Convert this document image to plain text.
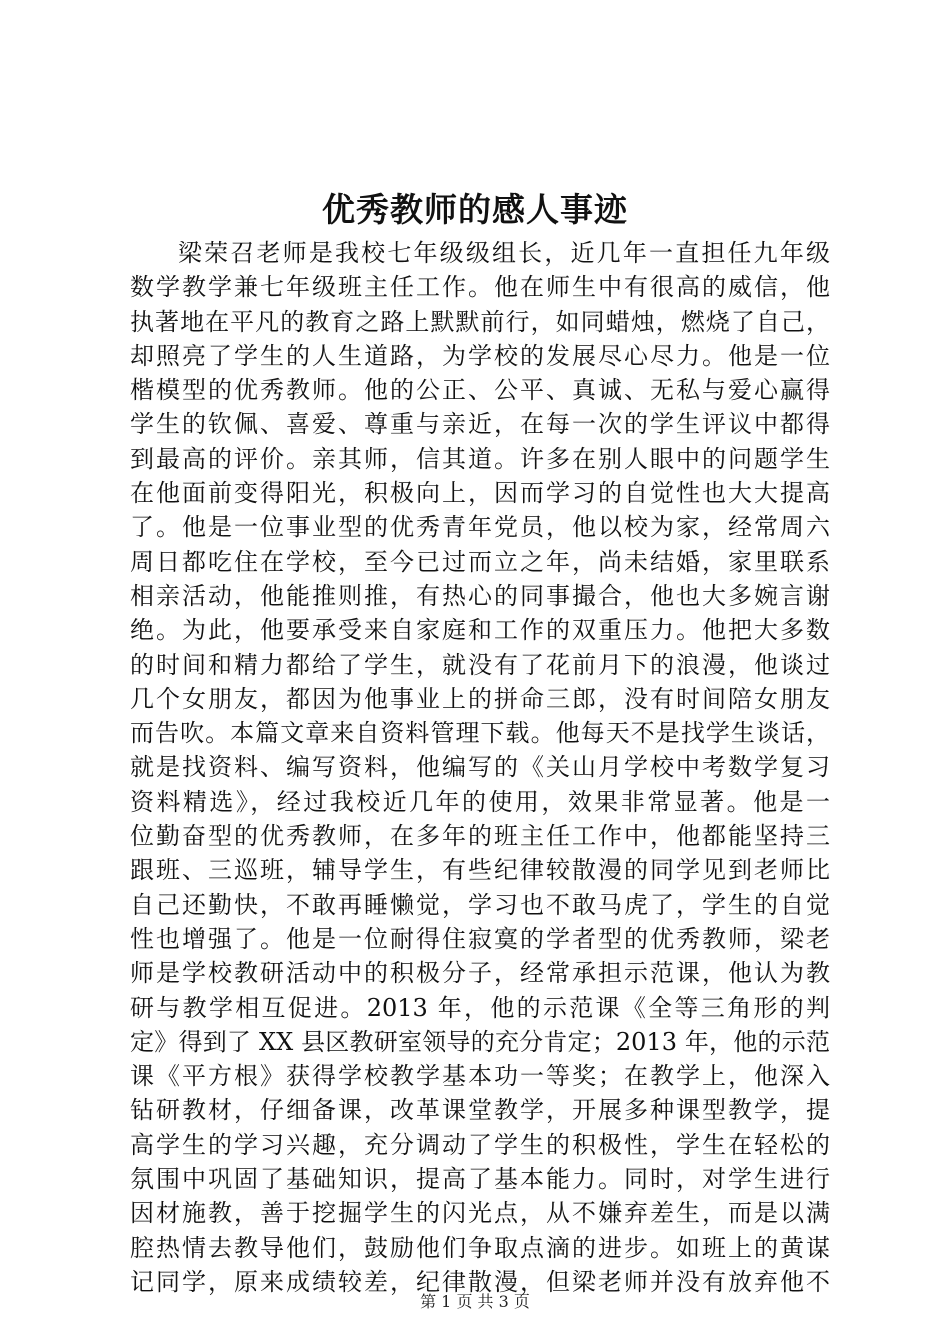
优秀教师的感人事迹
梁荣召老师是我校七年级级组长，近几年一直担任九年级
数学教学兼七年级班主任工作。他在师生中有很高的威信，他
执著地在平凡的教育之路上默默前行，如同蜡烛，燃烧了自己，
却照亮了学生的人生道路，为学校的发展尽心尽力。他是一位
楷模型的优秀教师。他的公正、公平、真诚、无私与爱心赢得
学生的钦佩、喜爱、尊重与亲近，在每一次的学生评议中都得
到最高的评价。亲其师，信其道。许多在别人眼中的问题学生
在他面前变得阳光，积极向上，因而学习的自觉性也大大提高
了。他是一位事业型的优秀青年党员，他以校为家，经常周六
周日都吃住在学校，至今已过而立之年，尚未结婚，家里联系
相亲活动，他能推则推，有热心的同事撮合，他也大多婉言谢
绝。为此，他要承受来自家庭和工作的双重压力。他把大多数
的时间和精力都给了学生，就没有了花前月下的浪漫，他谈过
几个女朋友，都因为他事业上的拼命三郎，没有时间陪女朋友
而告吹。本篇文章来自资料管理下载。他每天不是找学生谈话，
就是找资料、编写资料，他编写的《关山月学校中考数学复习
资料精选》，经过我校近几年的使用，效果非常显著。他是一
位勤奋型的优秀教师，在多年的班主任工作中，他都能坚持三
跟班、三巡班，辅导学生，有些纪律较散漫的同学见到老师比
自己还勤快，不敢再睡懒觉，学习也不敢马虎了，学生的自觉
性也增强了。他是一位耐得住寂寞的学者型的优秀教师，梁老
师是学校教研活动中的积极分子，经常承担示范课，他认为教
研与教学相互促进。2013 年，他的示范课《全等三角形的判
定》得到了 XX 县区教研室领导的充分肯定；2013 年，他的示范
课《平方根》获得学校教学基本功一等奖；在教学上，他深入
钻研教材，仔细备课，改革课堂教学，开展多种课型教学，提
高学生的学习兴趣，充分调动了学生的积极性，学生在轻松的
氛围中巩固了基础知识，提高了基本能力。同时，对学生进行
因材施教，善于挖掘学生的闪光点，从不嫌弃差生，而是以满
腔热情去教导他们，鼓励他们争取点滴的进步。如班上的黄谋
记同学，原来成绩较差，纪律散漫，但梁老师并没有放弃他不
第 1 页 共 3 页
